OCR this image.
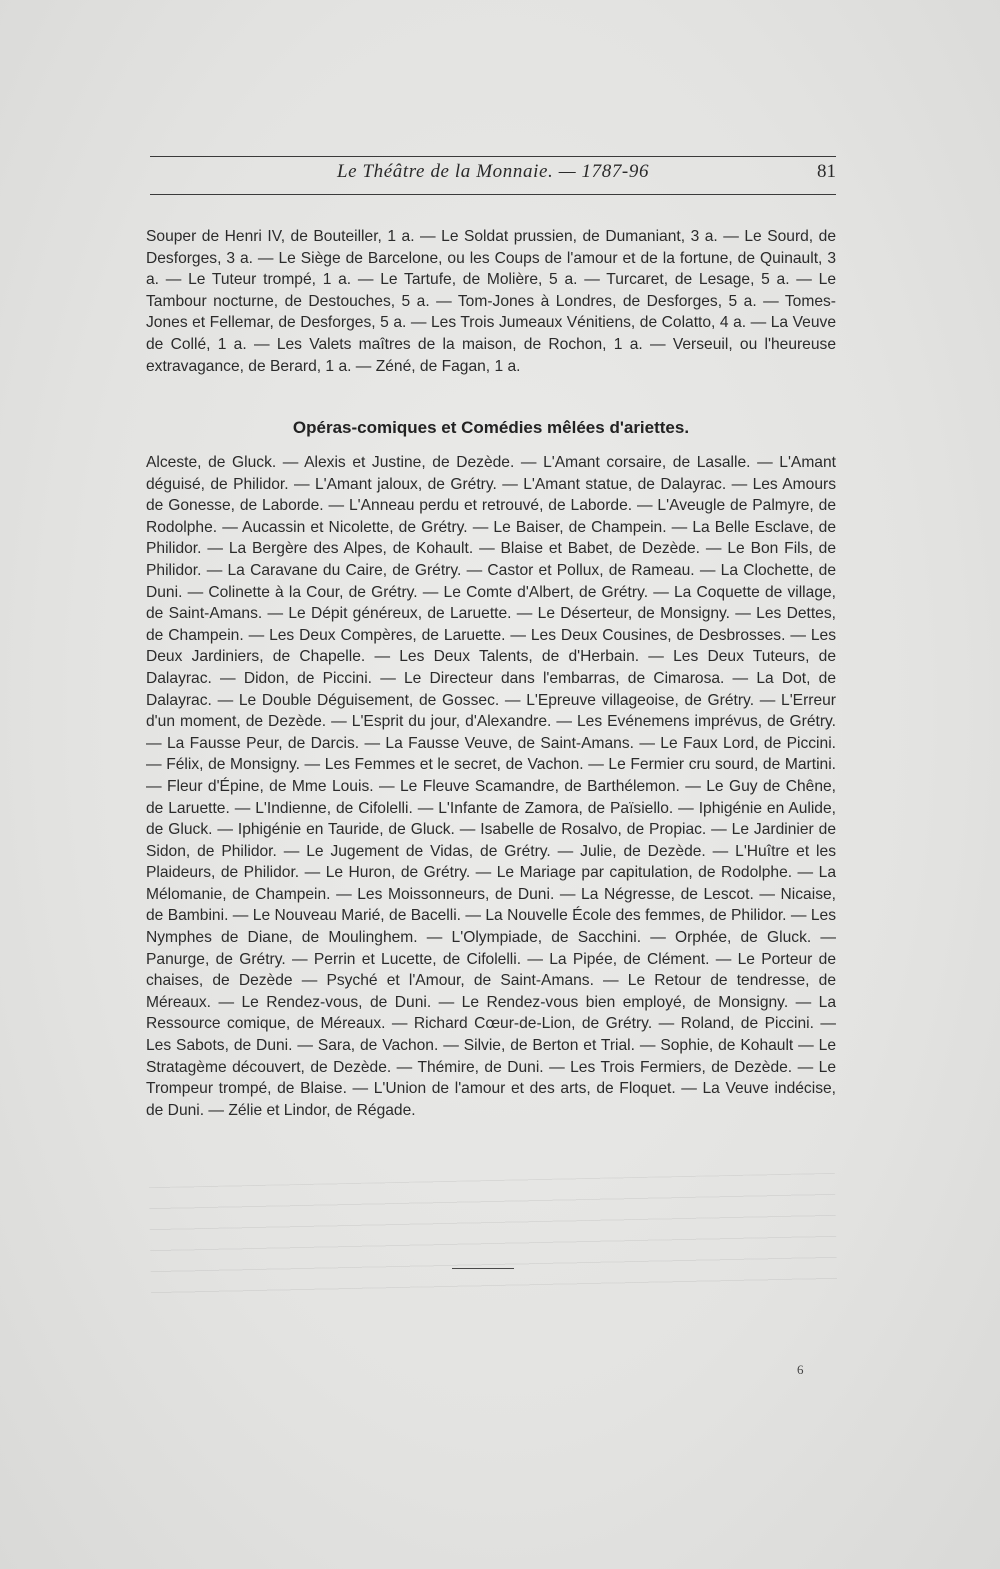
Le Théâtre de la Monnaie. — 1787-96	81

Souper de Henri IV, de Bouteiller, 1 a. — Le Soldat prussien, de Dumaniant, 3 a. — Le Sourd, de Desforges, 3 a. — Le Siège de Barcelone, ou les Coups de l'amour et de la fortune, de Quinault, 3 a. — Le Tuteur trompé, 1 a. — Le Tartufe, de Molière, 5 a. — Turcaret, de Lesage, 5 a. — Le Tambour nocturne, de Destouches, 5 a. — Tom-Jones à Londres, de Desforges, 5 a. — Tomes-Jones et Fellemar, de Desforges, 5 a. — Les Trois Jumeaux Vénitiens, de Colatto, 4 a. — La Veuve de Collé, 1 a. — Les Valets maîtres de la maison, de Rochon, 1 a. — Verseuil, ou l'heureuse extravagance, de Berard, 1 a. — Zéné, de Fagan, 1 a.

Opéras-comiques et Comédies mêlées d'ariettes.

Alceste, de Gluck. — Alexis et Justine, de Dezède. — L'Amant corsaire, de Lasalle. — L'Amant déguisé, de Philidor. — L'Amant jaloux, de Grétry. — L'Amant statue, de Dalayrac. — Les Amours de Gonesse, de Laborde. — L'Anneau perdu et retrouvé, de Laborde. — L'Aveugle de Palmyre, de Rodolphe. — Aucassin et Nicolette, de Grétry. — Le Baiser, de Champein. — La Belle Esclave, de Philidor. — La Bergère des Alpes, de Kohault. — Blaise et Babet, de Dezède. — Le Bon Fils, de Philidor. — La Caravane du Caire, de Grétry. — Castor et Pollux, de Rameau. — La Clochette, de Duni. — Colinette à la Cour, de Grétry. — Le Comte d'Albert, de Grétry. — La Coquette de village, de Saint-Amans. — Le Dépit généreux, de Laruette. — Le Déserteur, de Monsigny. — Les Dettes, de Champein. — Les Deux Compères, de Laruette. — Les Deux Cousines, de Desbrosses. — Les Deux Jardiniers, de Chapelle. — Les Deux Talents, de d'Herbain. — Les Deux Tuteurs, de Dalayrac. — Didon, de Piccini. — Le Directeur dans l'embarras, de Cimarosa. — La Dot, de Dalayrac. — Le Double Déguisement, de Gossec. — L'Epreuve villageoise, de Grétry. — L'Erreur d'un moment, de Dezède. — L'Esprit du jour, d'Alexandre. — Les Evénemens imprévus, de Grétry. — La Fausse Peur, de Darcis. — La Fausse Veuve, de Saint-Amans. — Le Faux Lord, de Piccini. — Félix, de Monsigny. — Les Femmes et le secret, de Vachon. — Le Fermier cru sourd, de Martini. — Fleur d'Épine, de Mme Louis. — Le Fleuve Scamandre, de Barthélemon. — Le Guy de Chêne, de Laruette. — L'Indienne, de Cifolelli. — L'Infante de Zamora, de Païsiello. — Iphigénie en Aulide, de Gluck. — Iphigénie en Tauride, de Gluck. — Isabelle de Rosalvo, de Propiac. — Le Jardinier de Sidon, de Philidor. — Le Jugement de Vidas, de Grétry. — Julie, de Dezède. — L'Huître et les Plaideurs, de Philidor. — Le Huron, de Grétry. — Le Mariage par capitulation, de Rodolphe. — La Mélomanie, de Champein. — Les Moissonneurs, de Duni. — La Négresse, de Lescot. — Nicaise, de Bambini. — Le Nouveau Marié, de Bacelli. — La Nouvelle École des femmes, de Philidor. — Les Nymphes de Diane, de Moulinghem. — L'Olympiade, de Sacchini. — Orphée, de Gluck. — Panurge, de Grétry. — Perrin et Lucette, de Cifolelli. — La Pipée, de Clément. — Le Porteur de chaises, de Dezède — Psyché et l'Amour, de Saint-Amans. — Le Retour de tendresse, de Méreaux. — Le Rendez-vous, de Duni. — Le Rendez-vous bien employé, de Monsigny. — La Ressource comique, de Méreaux. — Richard Cœur-de-Lion, de Grétry. — Roland, de Piccini. — Les Sabots, de Duni. — Sara, de Vachon. — Silvie, de Berton et Trial. — Sophie, de Kohault — Le Stratagème découvert, de Dezède. — Thémire, de Duni. — Les Trois Fermiers, de Dezède. — Le Trompeur trompé, de Blaise. — L'Union de l'amour et des arts, de Floquet. — La Veuve indécise, de Duni. — Zélie et Lindor, de Régade.

6
